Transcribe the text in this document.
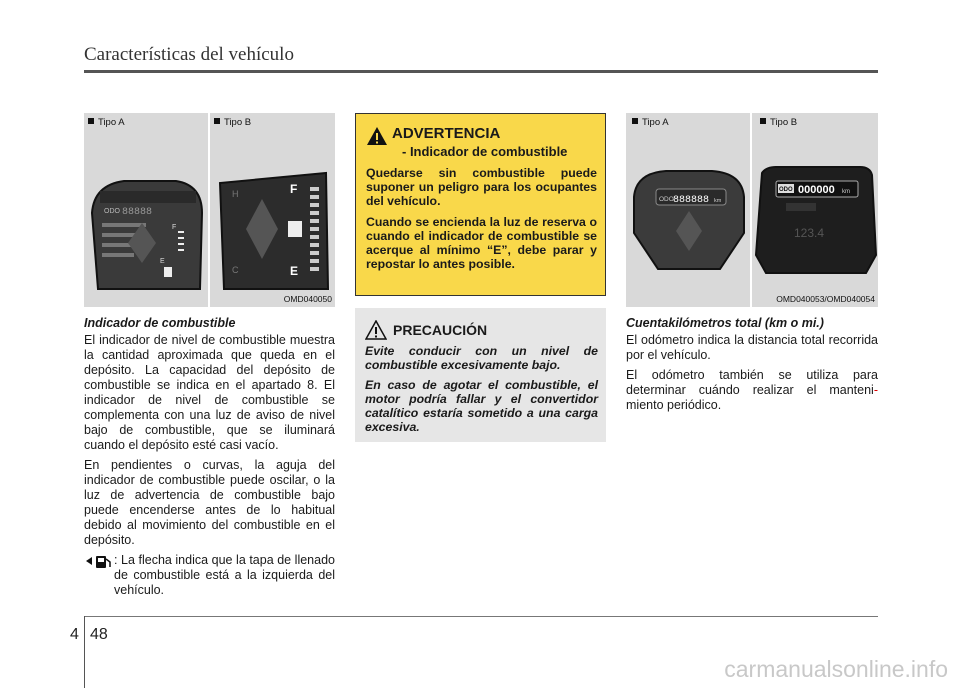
Características del vehículo
ODO 88888
F
E
H
C
F
E
Tipo A	Tipo B
OMD040050
ADVERTENCIA
- Indicador de combustible
Quedarse sin combustible puede suponer un peligro para los ocupantes del vehículo.
Cuando se encienda la luz de reserva o cuando el indicador de combustible se acerque al mínimo “E”, debe parar y repostar lo antes posible.
PRECAUCIÓN
Evite conducir con un nivel de combustible excesivamente bajo.
En caso de agotar el combustible, el motor podría fallar y el convertidor catalítico estaría sometido a una carga excesiva.
ODO 888888 km
ODO 000000 km
123.4
Tipo A	Tipo B
OMD040053/OMD040054
Indicador de combustible
El indicador de nivel de combustible muestra la cantidad aproximada que queda en el depósito. La capacidad del depósito de combustible se indica en el apartado 8. El indicador de nivel de combustible se complementa con una luz de aviso de nivel bajo de combustible, que se iluminará cuando el depósito esté casi vacío.
En pendientes o curvas, la aguja del indicador de combustible puede oscilar, o la luz de advertencia de combustible bajo puede encenderse antes de lo habitual debido al movimiento del combustible en el depósito.
: La flecha indica que la tapa de llenado de combustible está a la izquierda del vehículo.
Cuentakilómetros total (km o mi.)
El odómetro indica la distancia total recorrida por el vehículo.
El odómetro también se utiliza para determinar cuándo realizar el manteni- miento periódico.
4 48
carmanualsonline.info
